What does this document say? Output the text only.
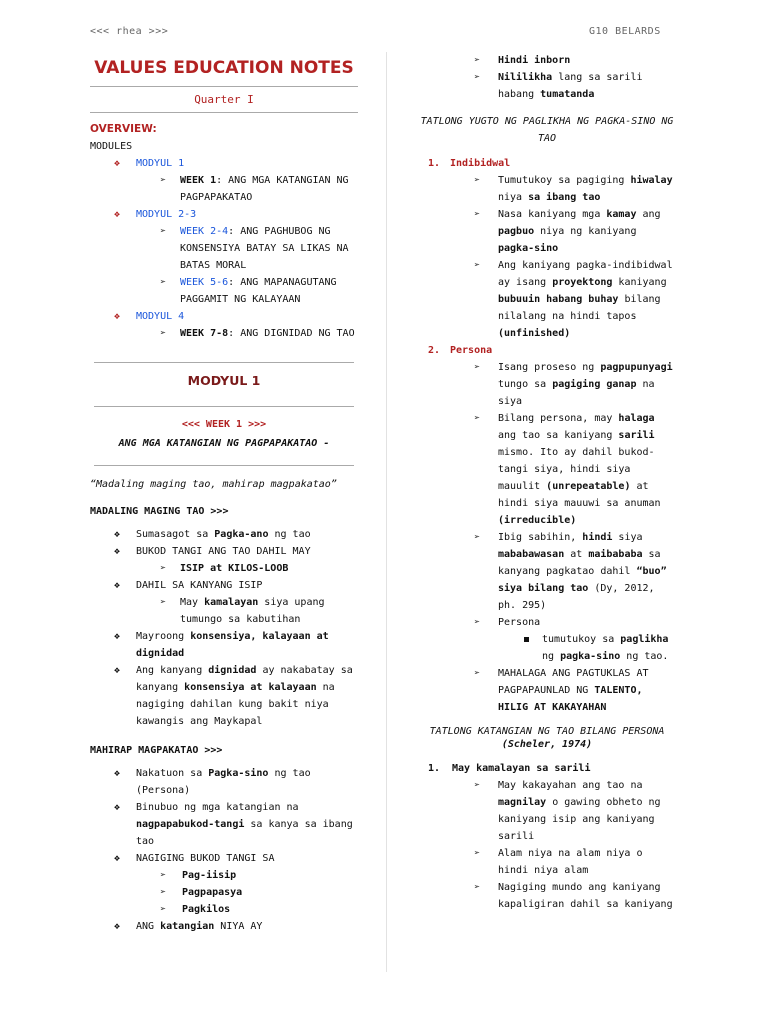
<<< rhea >>>	G10 BELARDS
VALUES EDUCATION NOTES
Quarter I
OVERVIEW:
MODULES
❖ MODYUL 1
➢ WEEK 1: ANG MGA KATANGIAN NG PAGPAPAKATAO
❖ MODYUL 2-3
➢ WEEK 2-4: ANG PAGHUBOG NG KONSENSIYA BATAY SA LIKAS NA BATAS MORAL
➢ WEEK 5-6: ANG MAPANAGUTANG PAGGAMIT NG KALAYAAN
❖ MODYUL 4
➢ WEEK 7-8: ANG DIGNIDAD NG TAO
MODYUL 1
<<< WEEK 1 >>>
ANG MGA KATANGIAN NG PAGPAPAKATAO -
“Madaling maging tao, mahirap magpakatao”
MADALING MAGING TAO >>>
❖ Sumasagot sa Pagka-ano ng tao
❖ BUKOD TANGI ANG TAO DAHIL MAY
➢ ISIP at KILOS-LOOB
❖ DAHIL SA KANYANG ISIP
➢ May kamalayan siya upang tumungo sa kabutihan
❖ Mayroong konsensiya, kalayaan at dignidad
❖ Ang kanyang dignidad ay nakabatay sa kanyang konsensiya at kalayaan na nagiging dahilan kung bakit niya kawangis ang Maykapal
MAHIRAP MAGPAKATAO >>>
❖ Nakatuon sa Pagka-sino ng tao (Persona)
❖ Binubuo ng mga katangian na nagpapabukod-tangi sa kanya sa ibang tao
❖ NAGIGING BUKOD TANGI SA
➢ Pag-iisip
➢ Pagpapasya
➢ Pagkilos
❖ ANG katangian NIYA AY
➢ Hindi inborn
➢ Nililikha lang sa sarili habang tumatanda
TATLONG YUGTO NG PAGLIKHA NG PAGKA-SINO NG TAO
1. Indibidwal
➢ Tumutukoy sa pagiging hiwalay niya sa ibang tao
➢ Nasa kaniyang mga kamay ang pagbuo niya ng kaniyang pagka-sino
➢ Ang kaniyang pagka-indibidwal ay isang proyektong kaniyang bubuuin habang buhay bilang nilalang na hindi tapos (unfinished)
2. Persona
➢ Isang proseso ng pagpupunyagi tungo sa pagiging ganap na siya
➢ Bilang persona, may halaga ang tao sa kaniyang sarili mismo. Ito ay dahil bukod-tangi siya, hindi siya mauulit (unrepeatable) at hindi siya mauuwi sa anuman (irreducible)
➢ Ibig sabihin, hindi siya mababawasan at maibababa sa kanyang pagkatao dahil “buo” siya bilang tao (Dy, 2012, ph. 295)
➢ Persona
tumutukoy sa paglikha ng pagka-sino ng tao.
➢ MAHALAGA ANG PAGTUKLAS AT PAGPAPAUNLAD NG TALENTO, HILIG AT KAKAYAHAN
TATLONG KATANGIAN NG TAO BILANG PERSONA
(Scheler, 1974)
1. May kamalayan sa sarili
➢ May kakayahan ang tao na magnilay o gawing obheto ng kaniyang isip ang kaniyang sarili
➢ Alam niya na alam niya o hindi niya alam
➢ Nagiging mundo ang kaniyang kapaligiran dahil sa kaniyang
